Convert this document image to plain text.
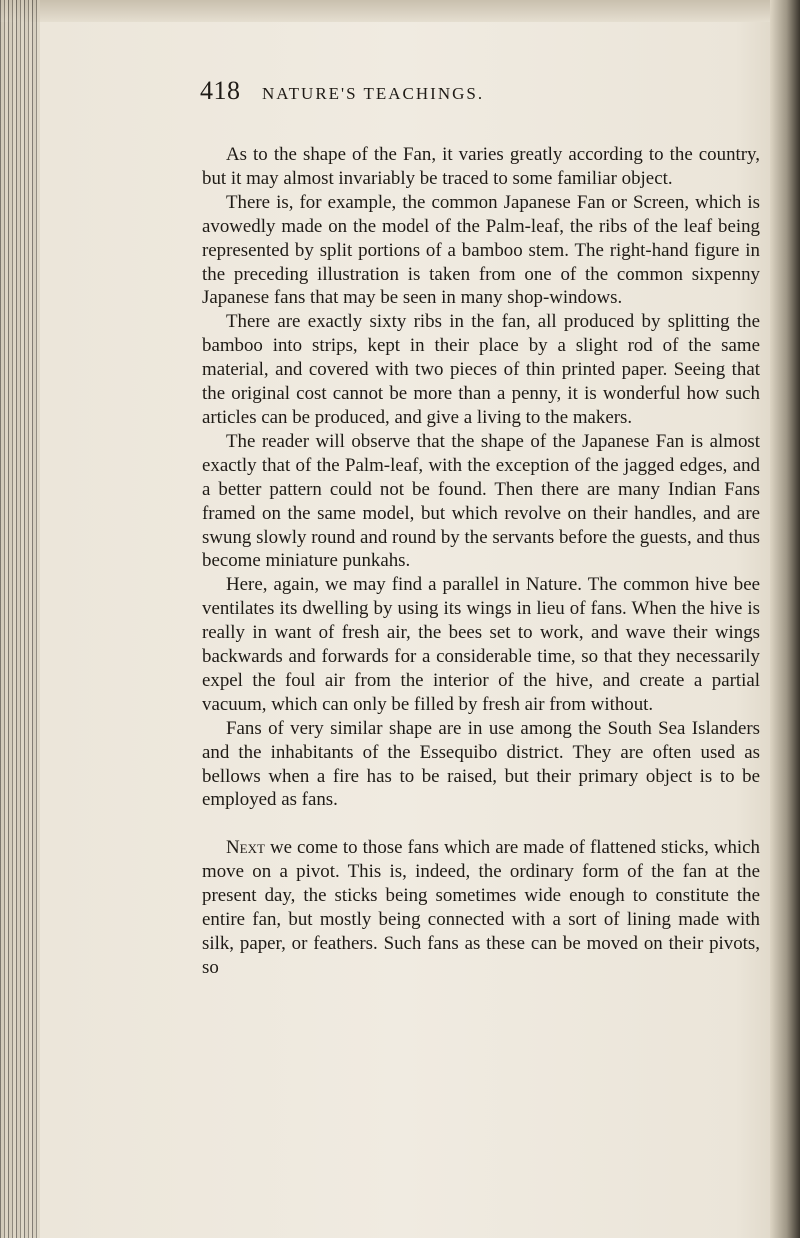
418 NATURE'S TEACHINGS.

As to the shape of the Fan, it varies greatly according to the country, but it may almost invariably be traced to some familiar object.

There is, for example, the common Japanese Fan or Screen, which is avowedly made on the model of the Palm-leaf, the ribs of the leaf being represented by split portions of a bamboo stem. The right-hand figure in the preceding illustration is taken from one of the common sixpenny Japanese fans that may be seen in many shop-windows.

There are exactly sixty ribs in the fan, all produced by splitting the bamboo into strips, kept in their place by a slight rod of the same material, and covered with two pieces of thin printed paper. Seeing that the original cost cannot be more than a penny, it is wonderful how such articles can be produced, and give a living to the makers.

The reader will observe that the shape of the Japanese Fan is almost exactly that of the Palm-leaf, with the exception of the jagged edges, and a better pattern could not be found. Then there are many Indian Fans framed on the same model, but which revolve on their handles, and are swung slowly round and round by the servants before the guests, and thus become miniature punkahs.

Here, again, we may find a parallel in Nature. The common hive bee ventilates its dwelling by using its wings in lieu of fans. When the hive is really in want of fresh air, the bees set to work, and wave their wings backwards and forwards for a considerable time, so that they necessarily expel the foul air from the interior of the hive, and create a partial vacuum, which can only be filled by fresh air from without.

Fans of very similar shape are in use among the South Sea Islanders and the inhabitants of the Essequibo district. They are often used as bellows when a fire has to be raised, but their primary object is to be employed as fans.

Next we come to those fans which are made of flattened sticks, which move on a pivot. This is, indeed, the ordinary form of the fan at the present day, the sticks being sometimes wide enough to constitute the entire fan, but mostly being connected with a sort of lining made with silk, paper, or feathers. Such fans as these can be moved on their pivots, so
